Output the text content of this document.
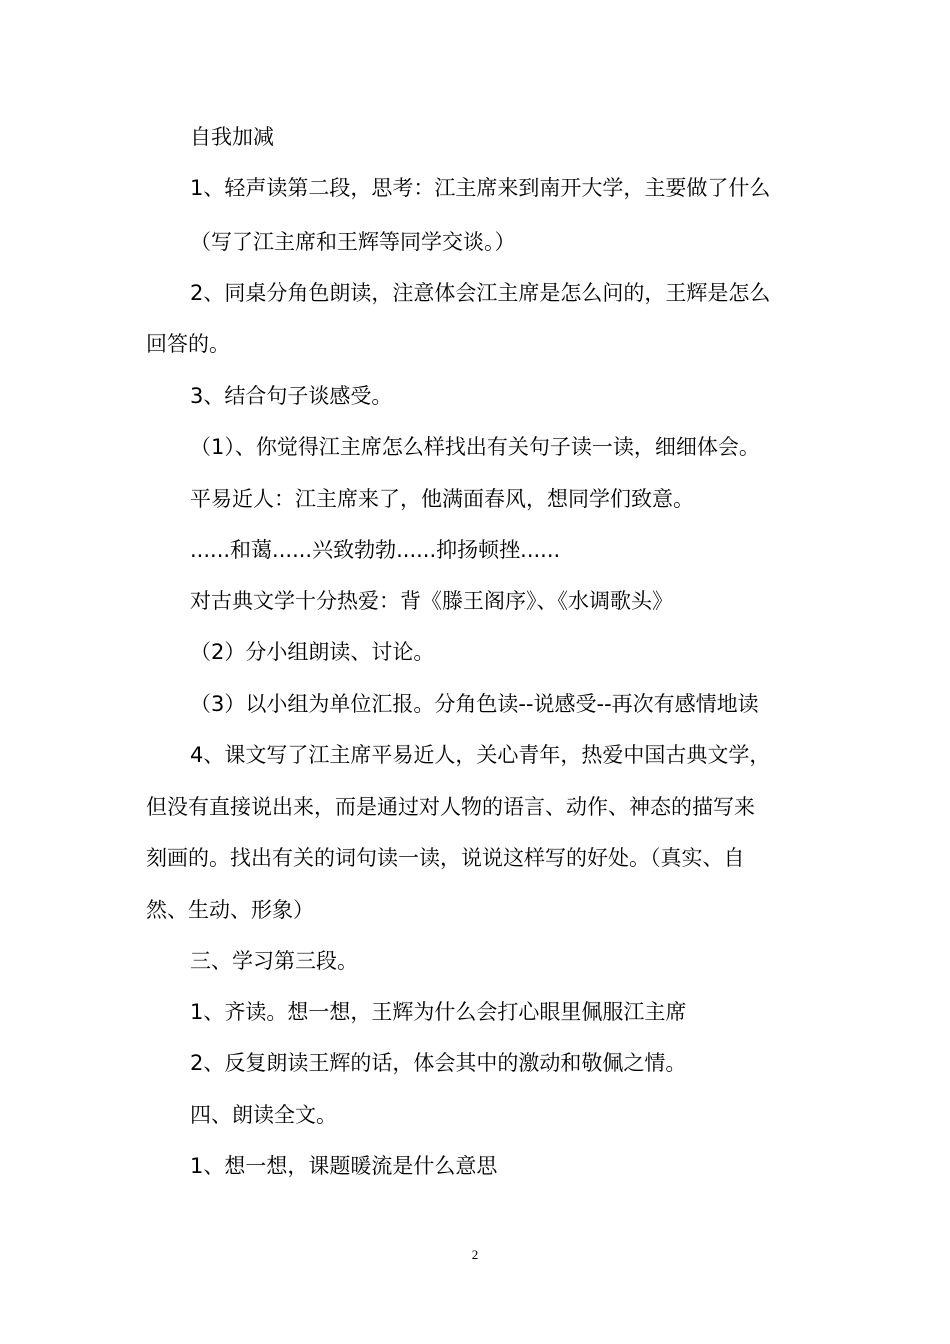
自我加减
1、轻声读第二段，思考：江主席来到南开大学，主要做了什么
（写了江主席和王辉等同学交谈。）
2、同桌分角色朗读，注意体会江主席是怎么问的，王辉是怎么
回答的。
3、结合句子谈感受。
（1）、你觉得江主席怎么样找出有关句子读一读，细细体会。
平易近人：江主席来了，他满面春风，想同学们致意。
......和蔼......兴致勃勃......抑扬顿挫......
对古典文学十分热爱：背《滕王阁序》、《水调歌头》
（2）分小组朗读、讨论。
（3）以小组为单位汇报。分角色读--说感受--再次有感情地读
4、课文写了江主席平易近人，关心青年，热爱中国古典文学，
但没有直接说出来，而是通过对人物的语言、动作、神态的描写来
刻画的。找出有关的词句读一读，说说这样写的好处。（真实、自
然、生动、形象）
三、学习第三段。
1、齐读。想一想，王辉为什么会打心眼里佩服江主席
2、反复朗读王辉的话，体会其中的激动和敬佩之情。
四、朗读全文。
1、想一想，课题暖流是什么意思
2
